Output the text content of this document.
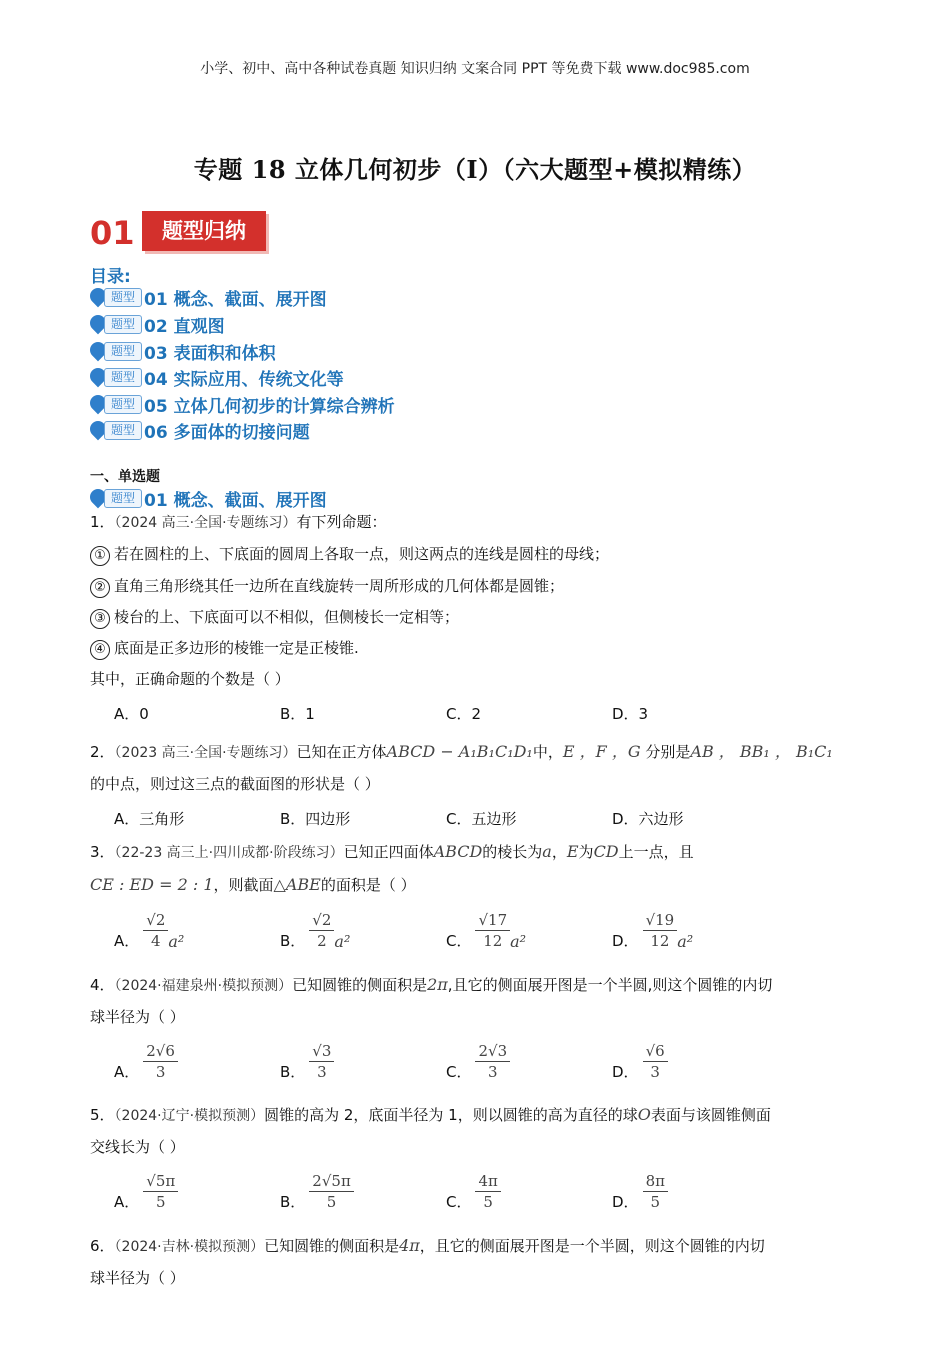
小学、初中、高中各种试卷真题 知识归纳 文案合同 PPT 等免费下载 www.doc985.com
专题 18 立体几何初步（Ⅰ）（六大题型+模拟精练）
01	题型归纳
目录:
题型 01 概念、截面、展开图
题型 02 直观图
题型 03 表面积和体积
题型 04 实际应用、传统文化等
题型 05 立体几何初步的计算综合辨析
题型 06 多面体的切接问题
一、单选题
题型 01 概念、截面、展开图
1．（2024 高三·全国·专题练习）有下列命题：
① 若在圆柱的上、下底面的圆周上各取一点，则这两点的连线是圆柱的母线；
② 直角三角形绕其任一边所在直线旋转一周所形成的几何体都是圆锥；
③ 棱台的上、下底面可以不相似，但侧棱长一定相等；
④ 底面是正多边形的棱锥一定是正棱锥.
其中，正确命题的个数是（ ）
A．0	B．1	C．2	D．3
2．（2023 高三·全国·专题练习）已知在正方体ABCD − A₁B₁C₁D₁中，E ，F ，G 分别是AB ， BB₁ ， B₁C₁
的中点，则过这三点的截面图的形状是（ ）
A．三角形	B．四边形	C．五边形	D．六边形
3．（22-23 高三上·四川成都·阶段练习）已知正四面体ABCD的棱长为a，E为CD上一点，且
CE : ED = 2 : 1，则截面△ABE的面积是（ ）
A． $\frac{√2}{4} a^2$	B． $\frac{√2}{2} a^2$	C． $\frac{√17}{12} a^2$	D． $\frac{√19}{12} a^2$
4．（2024·福建泉州·模拟预测）已知圆锥的侧面积是2π,且它的侧面展开图是一个半圆,则这个圆锥的内切
球半径为（ ）
A． $\frac{2√6}{3}$	B． $\frac{√3}{3}$	C． $\frac{2√3}{3}$	D． $\frac{√6}{3}$
5．（2024·辽宁·模拟预测）圆锥的高为 2，底面半径为 1，则以圆锥的高为直径的球O表面与该圆锥侧面
交线长为（ ）
A． $\frac{√5\pi}{5}$	B． $\frac{2√5\pi}{5}$	C． $\frac{4\pi}{5}$	D． $\frac{8\pi}{5}$
6．（2024·吉林·模拟预测）已知圆锥的侧面积是4π，且它的侧面展开图是一个半圆，则这个圆锥的内切
球半径为（ ）
